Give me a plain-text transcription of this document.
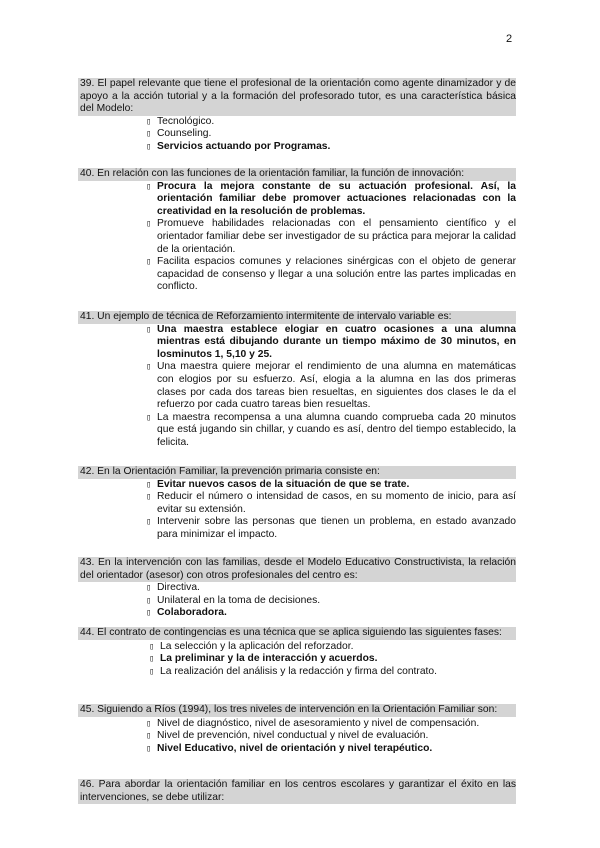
2
39. El papel relevante que tiene el profesional de la orientación como agente dinamizador y de apoyo a la acción tutorial y a la formación del profesorado tutor, es una característica básica del Modelo:
▯ Tecnológico.
▯ Counseling.
▯ Servicios actuando por Programas.
40. En relación con las funciones de la orientación familiar, la función de innovación:
▯ Procura la mejora constante de su actuación profesional. Así, la orientación familiar debe promover actuaciones relacionadas con la creatividad en la resolución de problemas.
▯ Promueve habilidades relacionadas con el pensamiento científico y el orientador familiar debe ser investigador de su práctica para mejorar la calidad de la orientación.
▯ Facilita espacios comunes y relaciones sinérgicas con el objeto de generar capacidad de consenso y llegar a una solución entre las partes implicadas en conflicto.
41. Un ejemplo de técnica de Reforzamiento intermitente de intervalo variable es:
▯ Una maestra establece elogiar en cuatro ocasiones a una alumna mientras está dibujando durante un tiempo máximo de 30 minutos, en losminutos 1, 5,10 y 25.
▯ Una maestra quiere mejorar el rendimiento de una alumna en matemáticas con elogios por su esfuerzo. Así, elogia a la alumna en las dos primeras clases por cada dos tareas bien resueltas, en siguientes dos clases le da el refuerzo por cada cuatro tareas bien resueltas.
▯ La maestra recompensa a una alumna cuando comprueba cada 20 minutos que está jugando sin chillar, y cuando es así, dentro del tiempo establecido, la felicita.
42. En la Orientación Familiar, la prevención primaria consiste en:
▯ Evitar nuevos casos de la situación de que se trate.
▯ Reducir el número o intensidad de casos, en su momento de inicio, para así evitar su extensión.
▯ Intervenir sobre las personas que tienen un problema, en estado avanzado para minimizar el impacto.
43. En la intervención con las familias, desde el Modelo Educativo Constructivista, la relación del orientador (asesor) con otros profesionales del centro es:
▯ Directiva.
▯ Unilateral en la toma de decisiones.
▯ Colaboradora.
44. El contrato de contingencias es una técnica que se aplica siguiendo las siguientes fases:
▯ La selección y la aplicación del reforzador.
▯ La preliminar y la de interacción y acuerdos.
▯ La realización del análisis y la redacción y firma del contrato.
45. Siguiendo a Ríos (1994), los tres niveles de intervención en la Orientación Familiar son:
▯ Nivel de diagnóstico, nivel de asesoramiento y nivel de compensación.
▯ Nivel de prevención, nivel conductual y nivel de evaluación.
▯ Nivel Educativo, nivel de orientación y nivel terapéutico.
46. Para abordar la orientación familiar en los centros escolares y garantizar el éxito en las intervenciones, se debe utilizar:
